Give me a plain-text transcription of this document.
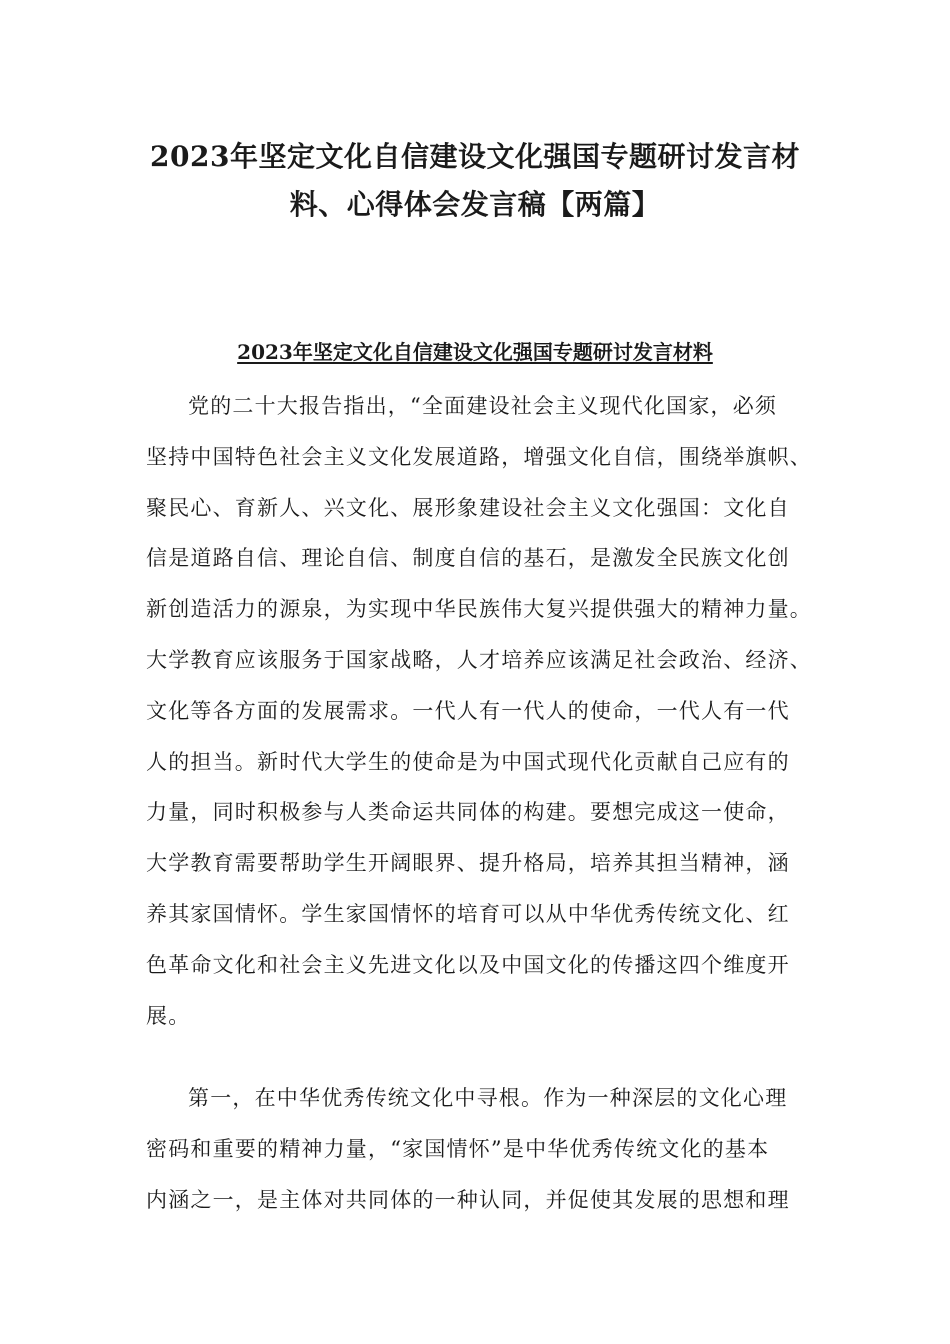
2023年坚定文化自信建设文化强国专题研讨发言材
料、心得体会发言稿【两篇】
2023年坚定文化自信建设文化强国专题研讨发言材料
党的二十大报告指出，“全面建设社会主义现代化国家，必须
坚持中国特色社会主义文化发展道路，增强文化自信，围绕举旗帜、
聚民心、育新人、兴文化、展形象建设社会主义文化强国：文化自
信是道路自信、理论自信、制度自信的基石，是激发全民族文化创
新创造活力的源泉，为实现中华民族伟大复兴提供强大的精神力量。
大学教育应该服务于国家战略，人才培养应该满足社会政治、经济、
文化等各方面的发展需求。一代人有一代人的使命，一代人有一代
人的担当。新时代大学生的使命是为中国式现代化贡献自己应有的
力量，同时积极参与人类命运共同体的构建。要想完成这一使命，
大学教育需要帮助学生开阔眼界、提升格局，培养其担当精神，涵
养其家国情怀。学生家国情怀的培育可以从中华优秀传统文化、红
色革命文化和社会主义先进文化以及中国文化的传播这四个维度开
展。
第一，在中华优秀传统文化中寻根。作为一种深层的文化心理
密码和重要的精神力量，“家国情怀”是中华优秀传统文化的基本
内涵之一，是主体对共同体的一种认同，并促使其发展的思想和理
